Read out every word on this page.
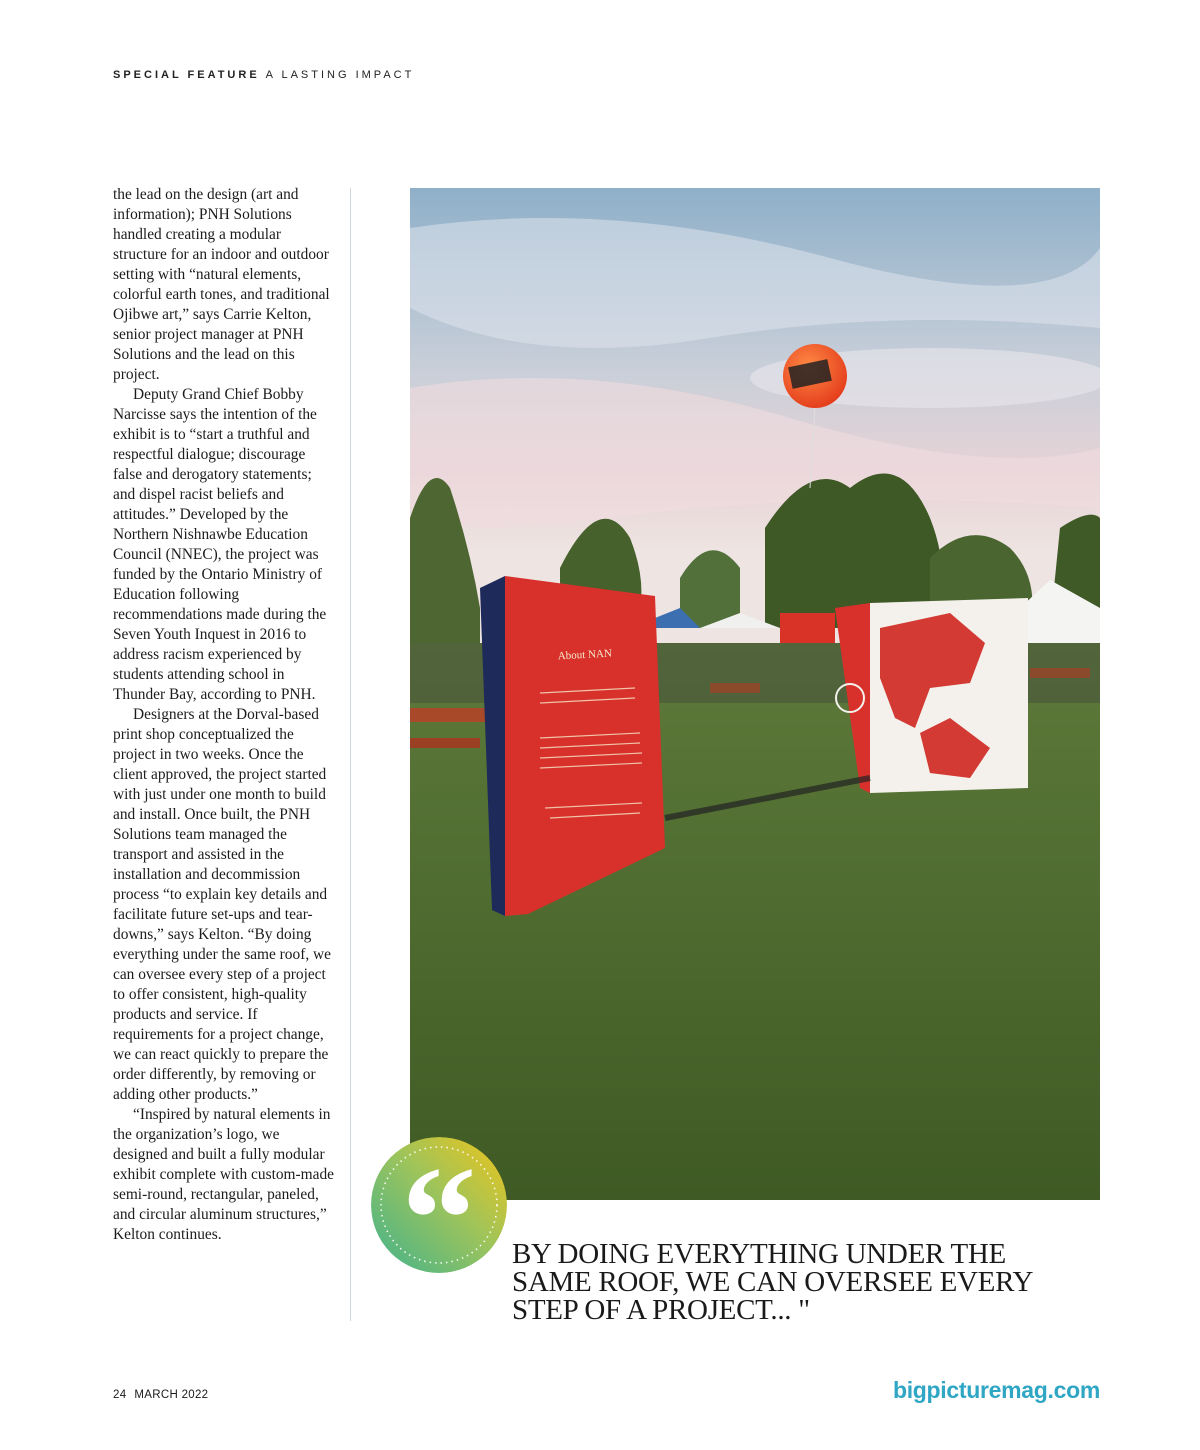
SPECIAL FEATURE A LASTING IMPACT

the lead on the design (art and information); PNH Solutions handled creating a modular structure for an indoor and outdoor setting with “natural elements, colorful earth tones, and traditional Ojibwe art,” says Carrie Kelton, senior project manager at PNH Solutions and the lead on this project.

Deputy Grand Chief Bobby Narcisse says the intention of the exhibit is to “start a truthful and respectful dialogue; discourage false and derogatory statements; and dispel racist beliefs and attitudes.” Developed by the Northern Nishnawbe Education Council (NNEC), the project was funded by the Ontario Ministry of Education following recommendations made during the Seven Youth Inquest in 2016 to address racism experienced by students attending school in Thunder Bay, according to PNH.

Designers at the Dorval-based print shop conceptualized the project in two weeks. Once the client approved, the project started with just under one month to build and install. Once built, the PNH Solutions team managed the transport and assisted in the installation and decommission process “to explain key details and facilitate future set-ups and tear-downs,” says Kelton. “By doing everything under the same roof, we can oversee every step of a project to offer consistent, high-quality products and service. If requirements for a project change, we can react quickly to prepare the order differently, by removing or adding other products.”

“Inspired by natural elements in the organization’s logo, we designed and built a fully modular exhibit complete with custom-made semi-round, rectangular, paneled, and circular aluminum structures,” Kelton continues.

About NAN
“ BY DOING EVERYTHING UNDER THE SAME ROOF, WE CAN OVERSEE EVERY STEP OF A PROJECT... "
24 MARCH 2022	bigpicturemag.com
